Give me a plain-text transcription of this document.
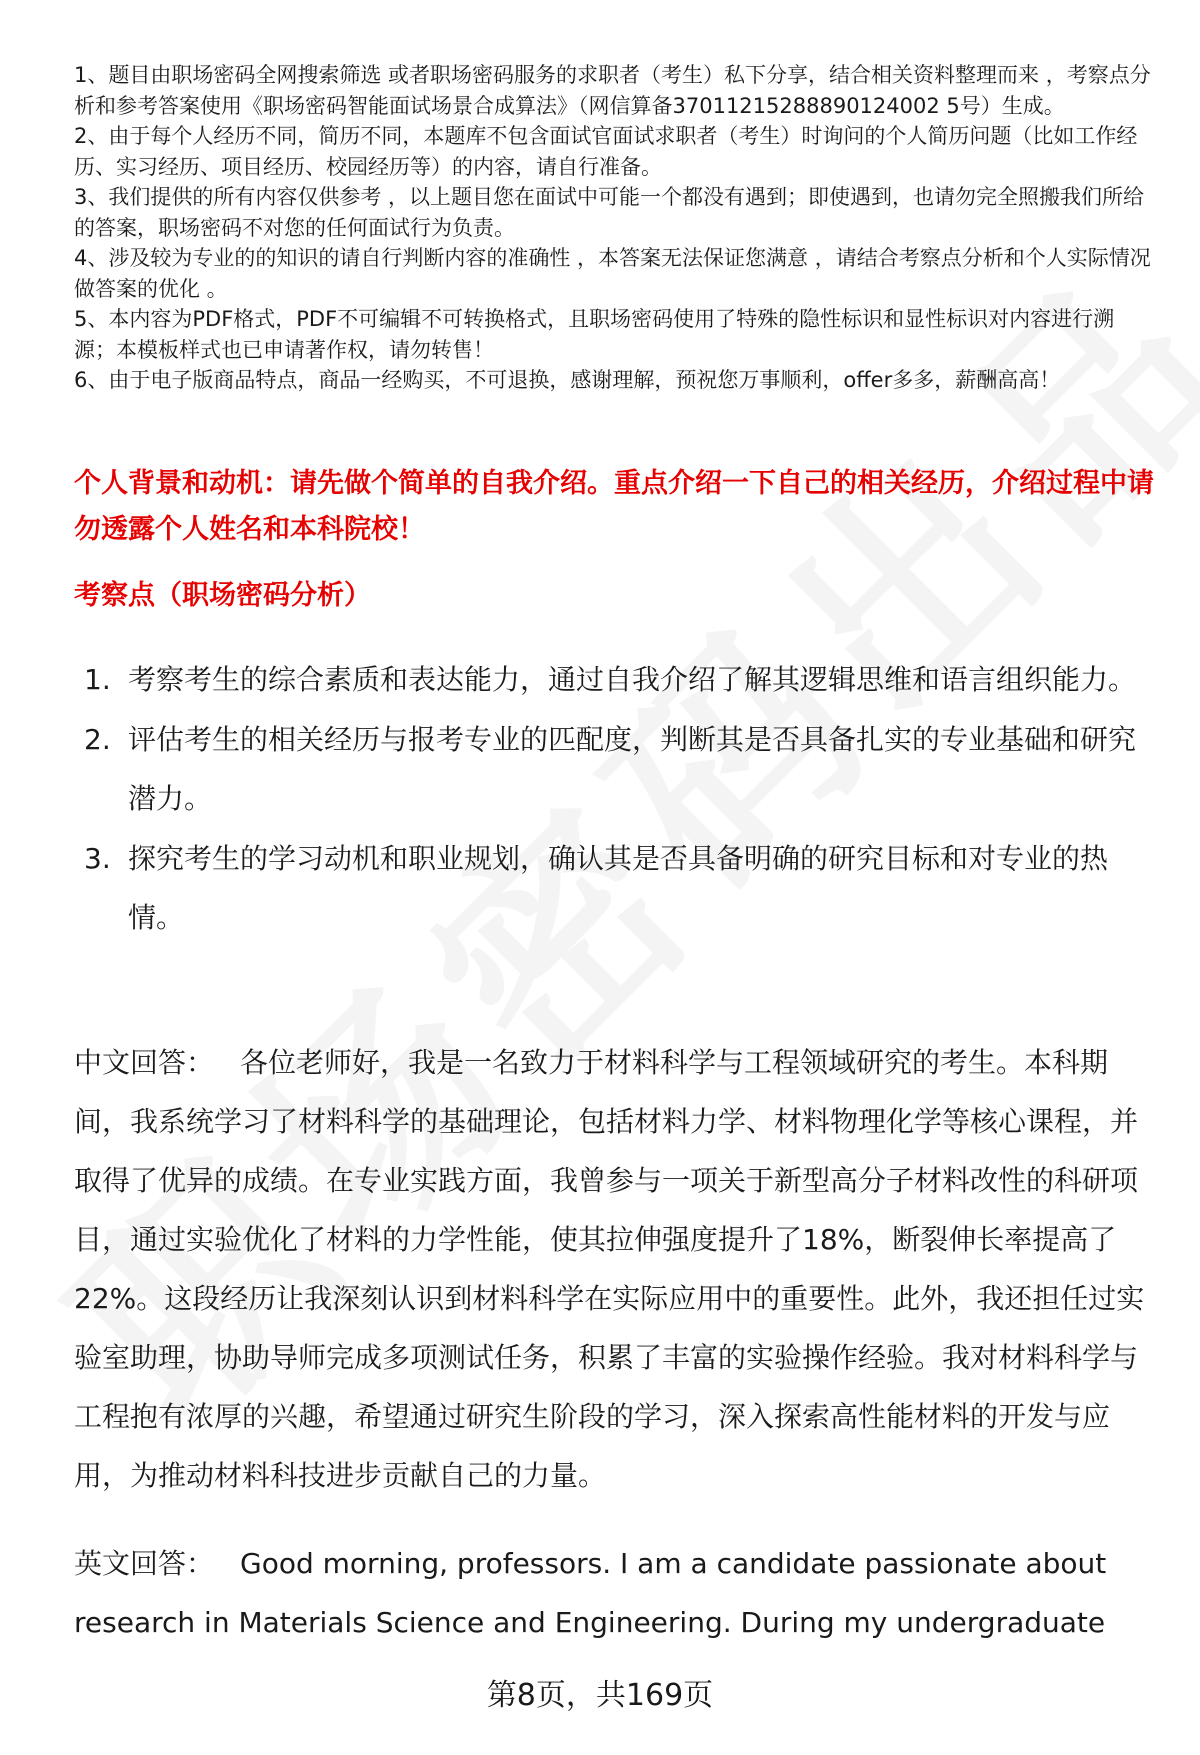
1、题目由职场密码全网搜索筛选 或者职场密码服务的求职者（考生）私下分享，结合相关资料整理而来 ，考察点分析和参考答案使用《职场密码智能面试场景合成算法》（网信算备37011215288890124002 5号）生成。

2、由于每个人经历不同，简历不同，本题库不包含面试官面试求职者（考生）时询问的个人简历问题（比如工作经历、实习经历、项目经历、校园经历等）的内容，请自行准备。

3、我们提供的所有内容仅供参考 ，以上题目您在面试中可能一个都没有遇到；即使遇到，也请勿完全照搬我们所给的答案，职场密码不对您的任何面试行为负责。

4、涉及较为专业的的知识的请自行判断内容的准确性 ，本答案无法保证您满意 ，请结合考察点分析和个人实际情况做答案的优化 。

5、本内容为PDF格式，PDF不可编辑不可转换格式，且职场密码使用了特殊的隐性标识和显性标识对内容进行溯源；本模板样式也已申请著作权，请勿转售！

6、由于电子版商品特点，商品一经购买，不可退换，感谢理解，预祝您万事顺利，offer多多，薪酬高高！

个人背景和动机：请先做个简单的自我介绍。重点介绍一下自己的相关经历，介绍过程中请勿透露个人姓名和本科院校！
考察点（职场密码分析）
1. 考察考生的综合素质和表达能力，通过自我介绍了解其逻辑思维和语言组织能力。
2. 评估考生的相关经历与报考专业的匹配度，判断其是否具备扎实的专业基础和研究潜力。
3. 探究考生的学习动机和职业规划，确认其是否具备明确的研究目标和对专业的热情。

中文回答： 各位老师好，我是一名致力于材料科学与工程领域研究的考生。本科期间，我系统学习了材料科学的基础理论，包括材料力学、材料物理化学等核心课程，并取得了优异的成绩。在专业实践方面，我曾参与一项关于新型高分子材料改性的科研项目，通过实验优化了材料的力学性能，使其拉伸强度提升了18%，断裂伸长率提高了22%。这段经历让我深刻认识到材料科学在实际应用中的重要性。此外，我还担任过实验室助理，协助导师完成多项测试任务，积累了丰富的实验操作经验。我对材料科学与工程抱有浓厚的兴趣，希望通过研究生阶段的学习，深入探索高性能材料的开发与应用，为推动材料科技进步贡献自己的力量。

英文回答： Good morning, professors. I am a candidate passionate about research in Materials Science and Engineering. During my undergraduate

第8页，共169页
